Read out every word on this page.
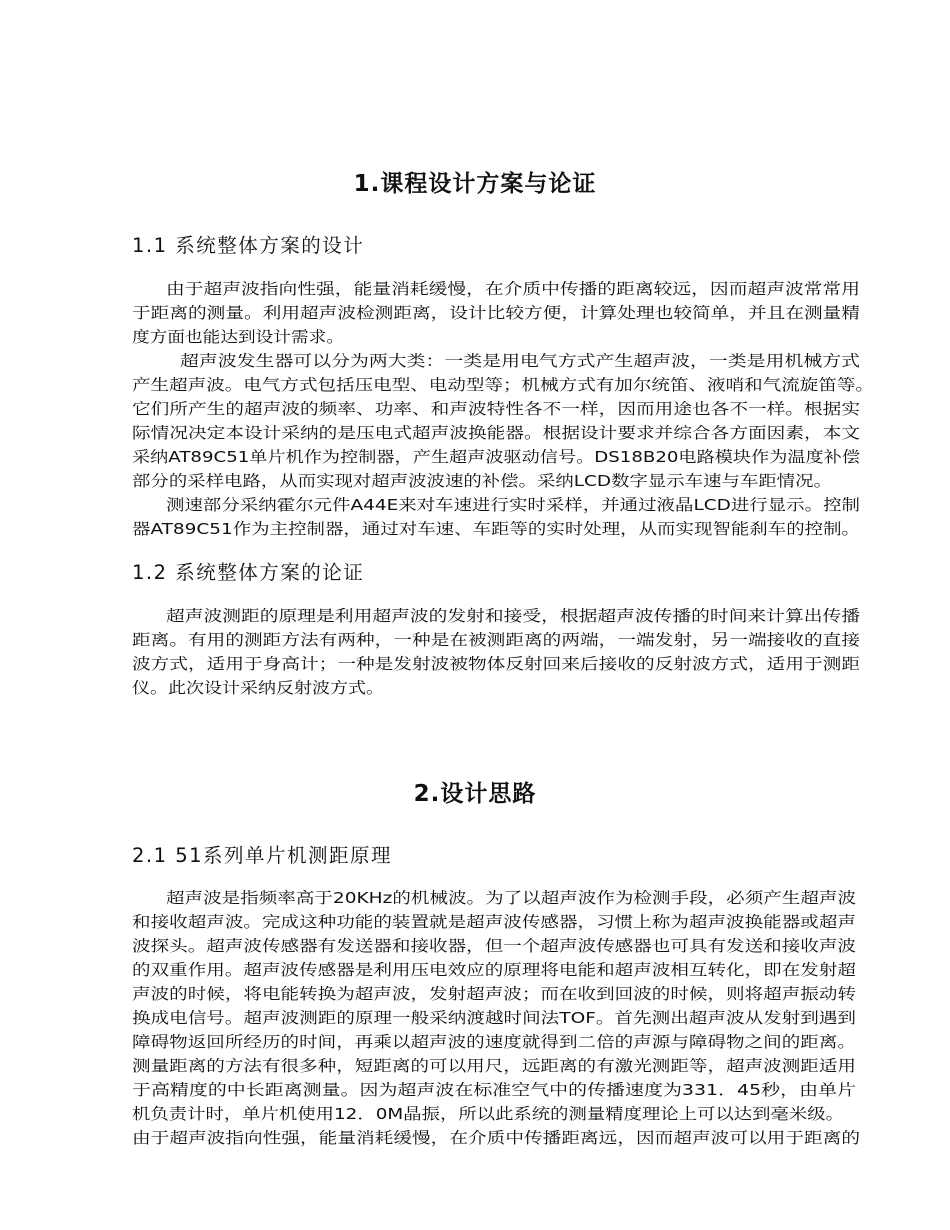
1.课程设计方案与论证
1.1 系统整体方案的设计
由于超声波指向性强，能量消耗缓慢，在介质中传播的距离较远，因而超声波常常用
于距离的测量。利用超声波检测距离，设计比较方便，计算处理也较简单，并且在测量精
度方面也能达到设计需求。
超声波发生器可以分为两大类：一类是用电气方式产生超声波，一类是用机械方式
产生超声波。电气方式包括压电型、电动型等；机械方式有加尔统笛、液哨和气流旋笛等。
它们所产生的超声波的频率、功率、和声波特性各不一样，因而用途也各不一样。根据实
际情况决定本设计采纳的是压电式超声波换能器。根据设计要求并综合各方面因素，本文
采纳AT89C51单片机作为控制器，产生超声波驱动信号。DS18B20电路模块作为温度补偿
部分的采样电路，从而实现对超声波波速的补偿。采纳LCD数字显示车速与车距情况。
测速部分采纳霍尔元件A44E来对车速进行实时采样，并通过液晶LCD进行显示。控制
器AT89C51作为主控制器，通过对车速、车距等的实时处理，从而实现智能刹车的控制。
1.2 系统整体方案的论证
超声波测距的原理是利用超声波的发射和接受，根据超声波传播的时间来计算出传播
距离。有用的测距方法有两种，一种是在被测距离的两端，一端发射，另一端接收的直接
波方式，适用于身高计；一种是发射波被物体反射回来后接收的反射波方式，适用于测距
仪。此次设计采纳反射波方式。
2.设计思路
2.1 51系列单片机测距原理
超声波是指频率高于20KHz的机械波。为了以超声波作为检测手段，必须产生超声波
和接收超声波。完成这种功能的装置就是超声波传感器，习惯上称为超声波换能器或超声
波探头。超声波传感器有发送器和接收器，但一个超声波传感器也可具有发送和接收声波
的双重作用。超声波传感器是利用压电效应的原理将电能和超声波相互转化，即在发射超
声波的时候，将电能转换为超声波，发射超声波；而在收到回波的时候，则将超声振动转
换成电信号。超声波测距的原理一般采纳渡越时间法TOF。首先测出超声波从发射到遇到
障碍物返回所经历的时间，再乘以超声波的速度就得到二倍的声源与障碍物之间的距离。
测量距离的方法有很多种，短距离的可以用尺，远距离的有激光测距等，超声波测距适用
于高精度的中长距离测量。因为超声波在标准空气中的传播速度为331．45秒，由单片
机负责计时，单片机使用12．0M晶振，所以此系统的测量精度理论上可以达到毫米级。
由于超声波指向性强，能量消耗缓慢，在介质中传播距离远，因而超声波可以用于距离的
